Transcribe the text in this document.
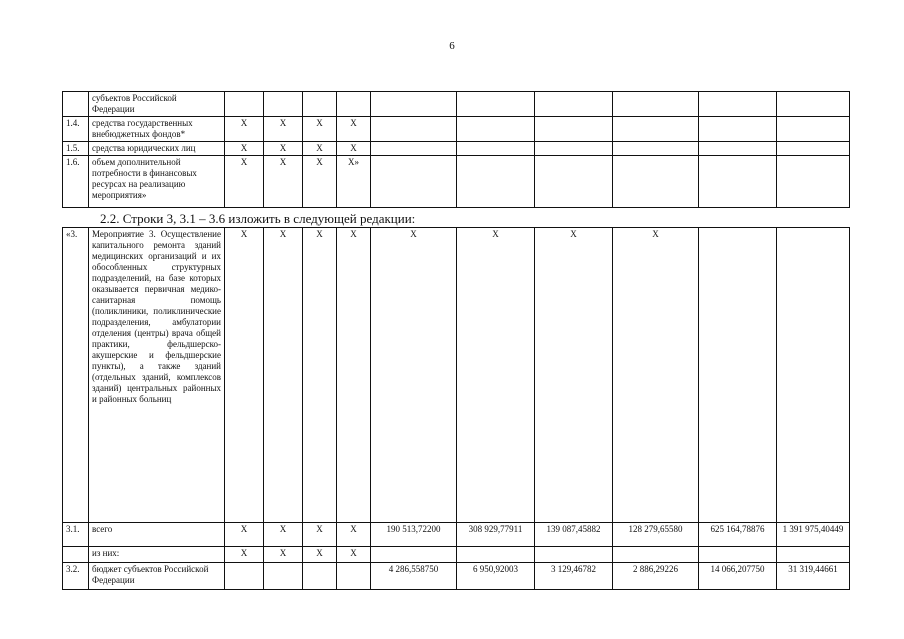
6
	субъектов Российской Федерации										
1.4.	средства государственных внебюджетных фондов*	X	X	X	X						
1.5.	средства юридических лиц	X	X	X	X						
1.6.	объем дополнительной потребности в финансовых ресурсах на реализацию мероприятия»	X	X	X	X»						
2.2. Строки 3, 3.1 – 3.6 изложить в следующей редакции:
«3.	Мероприятие 3. Осуществление капитального ремонта зданий медицинских организаций и их обособленных структурных подразделений, на базе которых оказывается первичная медико-санитарная помощь (поликлиники, поликлинические подразделения, амбулатории отделения (центры) врача общей практики, фельдшерско-акушерские и фельдшерские пункты), а также зданий (отдельных зданий, комплексов зданий) центральных районных и районных больниц	X	X	X	X	X	X	X	X		
3.1.	всего	X	X	X	X	190 513,72200	308 929,77911	139 087,45882	128 279,65580	625 164,78876	1 391 975,40449
	из них:	X	X	X	X						
3.2.	бюджет субъектов Российской Федерации					4 286,558750	6 950,92003	3 129,46782	2 886,29226	14 066,207750	31 319,44661
